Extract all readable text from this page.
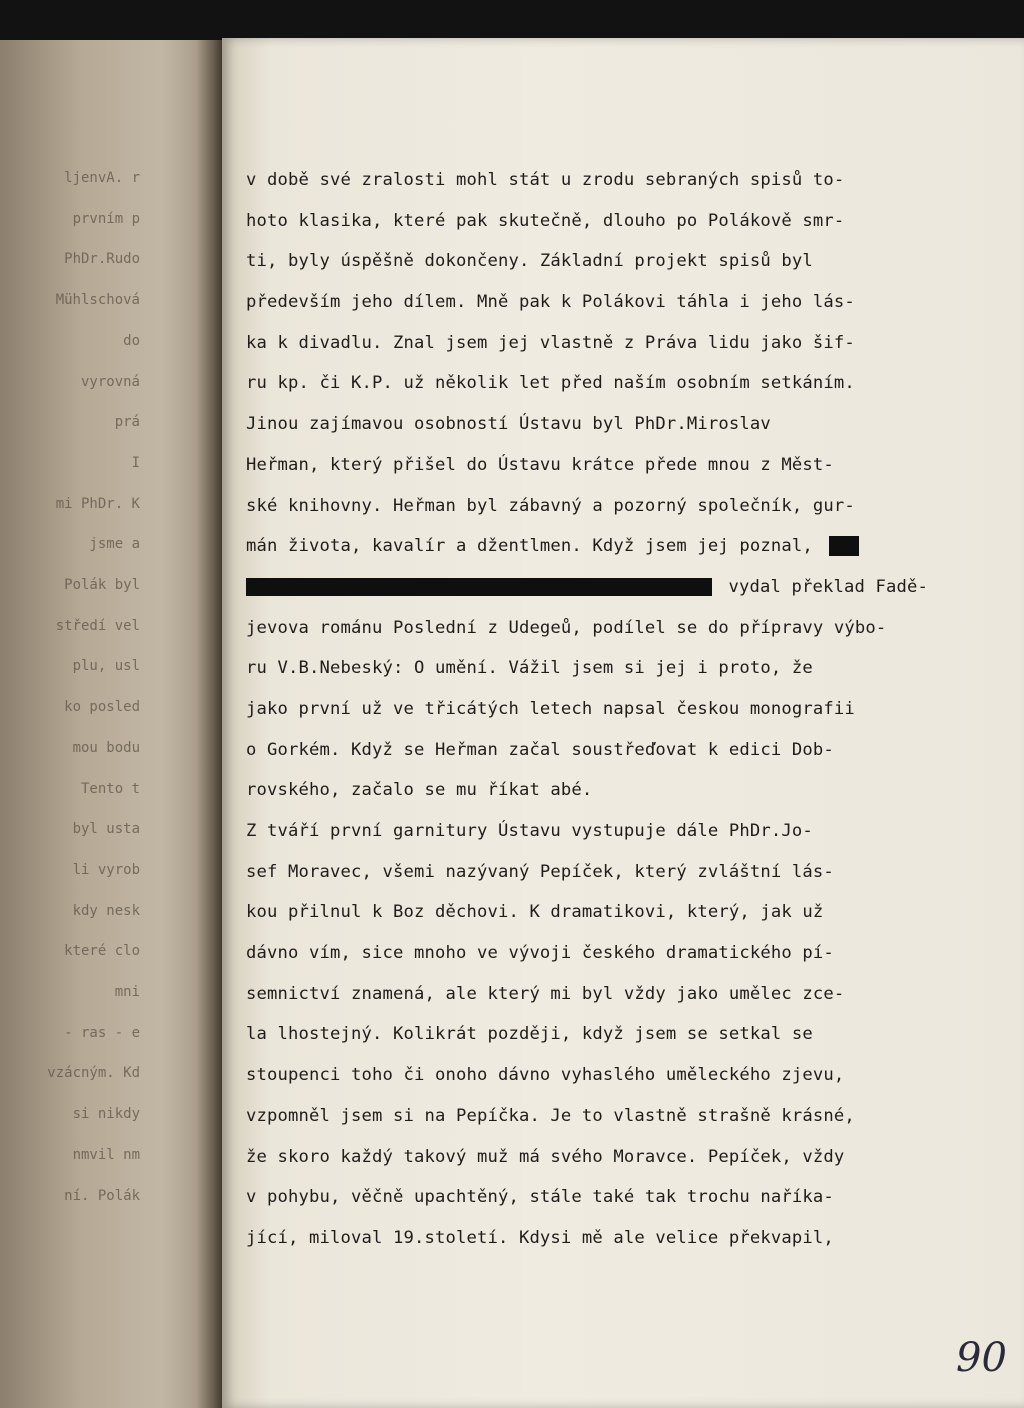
ljenvA. r
prvním p
PhDr.Rudo
Mühlschová
do
vyrovná
prá
I
mi PhDr. K
jsme a
Polák byl
středí vel
plu, usl
ko posled
mou bodu
Tento t
byl usta
li vyrob
kdy nesk
které clo
mni
- ras - e
vzácným. Kd
si nikdy
nmvil nm
ní. Polák
v době své zralosti mohl stát u zrodu sebraných spisů to-
hoto klasika, které pak skutečně, dlouho po Polákově smr-
ti, byly úspěšně dokončeny. Základní projekt spisů byl
především jeho dílem. Mně pak k Polákovi táhla i jeho lás-
ka k divadlu. Znal jsem jej vlastně z Práva lidu jako šif-
ru kp. či K.P. už několik let před naším osobním setkáním.
Jinou zajímavou osobností Ústavu byl PhDr.Miroslav
Heřman, který přišel do Ústavu krátce přede mnou z Měst-
ské knihovny. Heřman byl zábavný a pozorný společník, gur-
mán života, kavalír a džentlmen. Když jsem jej poznal,
vydal překlad Fadě-
jevova románu Poslední z Udegeů, podílel se do přípravy výbo-
ru V.B.Nebeský: O umění. Vážil jsem si jej i proto, že
jako první už ve třicátých letech napsal českou monografii
o Gorkém. Když se Heřman začal soustřeďovat k edici Dob-
rovského, začalo se mu říkat abé.
Z tváří první garnitury Ústavu vystupuje dále PhDr.Jo-
sef Moravec, všemi nazývaný Pepíček, který zvláštní lás-
kou přilnul k Boz děchovi. K dramatikovi, který, jak už
dávno vím, sice mnoho ve vývoji českého dramatického pí-
semnictví znamená, ale který mi byl vždy jako umělec zce-
la lhostejný. Kolikrát později, když jsem se setkal se
stoupenci toho či onoho dávno vyhaslého uměleckého zjevu,
vzpomněl jsem si na Pepíčka. Je to vlastně strašně krásné,
že skoro každý takový muž má svého Moravce. Pepíček, vždy
v pohybu, věčně upachtěný, stále také tak trochu naříka-
jící, miloval 19.století. Kdysi mě ale velice překvapil,
90
